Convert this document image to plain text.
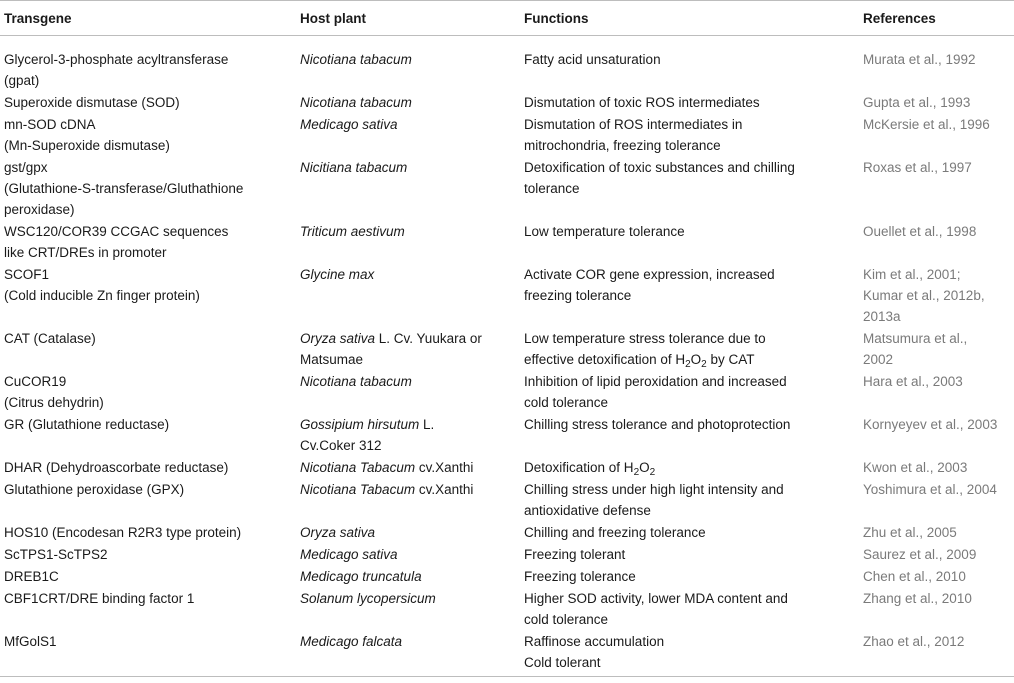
Transgene	Host plant	Functions	References

Glycerol-3-phosphate acyltransferase
(gpat)	Nicotiana tabacum	Fatty acid unsaturation	Murata et al., 1992

Superoxide dismutase (SOD)	Nicotiana tabacum	Dismutation of toxic ROS intermediates	Gupta et al., 1993

mn-SOD cDNA
(Mn-Superoxide dismutase)	Medicago sativa	Dismutation of ROS intermediates in
mitrochondria, freezing tolerance	McKersie et al., 1996

gst/gpx
(Glutathione-S-transferase/Gluthathione
peroxidase)	Nicitiana tabacum	Detoxification of toxic substances and chilling
tolerance	Roxas et al., 1997

WSC120/COR39 CCGAC sequences
like CRT/DREs in promoter	Triticum aestivum	Low temperature tolerance	Ouellet et al., 1998

SCOF1
(Cold inducible Zn finger protein)	Glycine max	Activate COR gene expression, increased
freezing tolerance	Kim et al., 2001;
Kumar et al., 2012b,
2013a

CAT (Catalase)	Oryza sativa L. Cv. Yuukara or
Matsumae	Low temperature stress tolerance due to
effective detoxification of $H_2O_2$ by CAT	Matsumura et al.,
2002

CuCOR19
(Citrus dehydrin)	Nicotiana tabacum	Inhibition of lipid peroxidation and increased
cold tolerance	Hara et al., 2003

GR (Glutathione reductase)	Gossipium hirsutum L.
Cv.Coker 312	Chilling stress tolerance and photoprotection	Kornyeyev et al., 2003

DHAR (Dehydroascorbate reductase)	Nicotiana Tabacum cv.Xanthi	Detoxification of $H_2O_2$	Kwon et al., 2003

Glutathione peroxidase (GPX)	Nicotiana Tabacum cv.Xanthi	Chilling stress under high light intensity and
antioxidative defense	Yoshimura et al., 2004

HOS10 (Encodesan R2R3 type protein)	Oryza sativa	Chilling and freezing tolerance	Zhu et al., 2005

ScTPS1-ScTPS2	Medicago sativa	Freezing tolerant	Saurez et al., 2009

DREB1C	Medicago truncatula	Freezing tolerance	Chen et al., 2010

CBF1CRT/DRE binding factor 1	Solanum lycopersicum	Higher SOD activity, lower MDA content and
cold tolerance	Zhang et al., 2010

MfGolS1	Medicago falcata	Raffinose accumulation
Cold tolerant	Zhao et al., 2012
